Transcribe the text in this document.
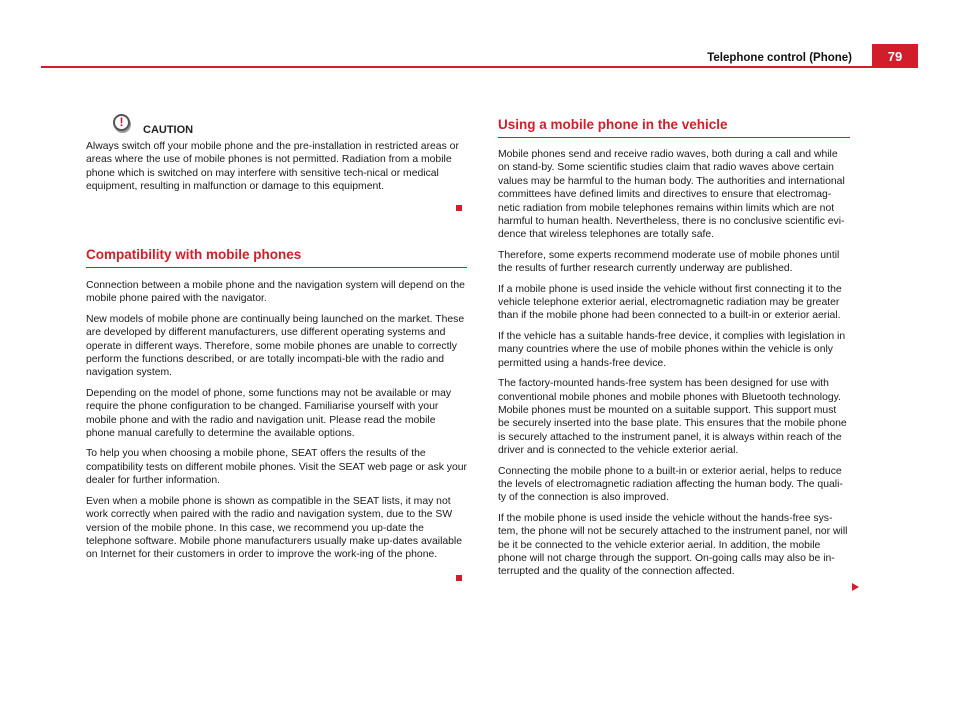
Telephone control (Phone)	79
!
CAUTION

Always switch off your mobile phone and the pre-installation in restricted areas or areas where the use of mobile phones is not permitted. Radiation from a mobile phone which is switched on may interfere with sensitive tech-nical or medical equipment, resulting in malfunction or damage to this equipment.

Compatibility with mobile phones

Connection between a mobile phone and the navigation system will depend on the mobile phone paired with the navigator.

New models of mobile phone are continually being launched on the market. These are developed by different manufacturers, use different operating systems and operate in different ways. Therefore, some mobile phones are unable to correctly perform the functions described, or are totally incompati-ble with the radio and navigation system.

Depending on the model of phone, some functions may not be available or may require the phone configuration to be changed. Familiarise yourself with your mobile phone and with the radio and navigation unit. Please read the mobile phone manual carefully to determine the available options.

To help you when choosing a mobile phone, SEAT offers the results of the compatibility tests on different mobile phones. Visit the SEAT web page or ask your dealer for further information.

Even when a mobile phone is shown as compatible in the SEAT lists, it may not work correctly when paired with the radio and navigation system, due to the SW version of the mobile phone. In this case, we recommend you up-date the telephone software. Mobile phone manufacturers usually make up-dates available on Internet for their customers in order to improve the work-ing of the phone.

Using a mobile phone in the vehicle

Mobile phones send and receive radio waves, both during a call and while on stand-by. Some scientific studies claim that radio waves above certain values may be harmful to the human body. The authorities and international committees have defined limits and directives to ensure that electromag-netic radiation from mobile telephones remains within limits which are not harmful to human health. Nevertheless, there is no conclusive scientific evi-dence that wireless telephones are totally safe.

Therefore, some experts recommend moderate use of mobile phones until the results of further research currently underway are published.

If a mobile phone is used inside the vehicle without first connecting it to the vehicle telephone exterior aerial, electromagnetic radiation may be greater than if the mobile phone had been connected to a built-in or exterior aerial.

If the vehicle has a suitable hands-free device, it complies with legislation in many countries where the use of mobile phones within the vehicle is only permitted using a hands-free device.

The factory-mounted hands-free system has been designed for use with conventional mobile phones and mobile phones with Bluetooth technology. Mobile phones must be mounted on a suitable support. This support must be securely inserted into the base plate. This ensures that the mobile phone is securely attached to the instrument panel, it is always within reach of the driver and is connected to the vehicle exterior aerial.

Connecting the mobile phone to a built-in or exterior aerial, helps to reduce the levels of electromagnetic radiation affecting the human body. The quali-ty of the connection is also improved.

If the mobile phone is used inside the vehicle without the hands-free sys-tem, the phone will not be securely attached to the instrument panel, nor will be it be connected to the vehicle exterior aerial. In addition, the mobile phone will not charge through the support. On-going calls may also be in-terrupted and the quality of the connection affected.
